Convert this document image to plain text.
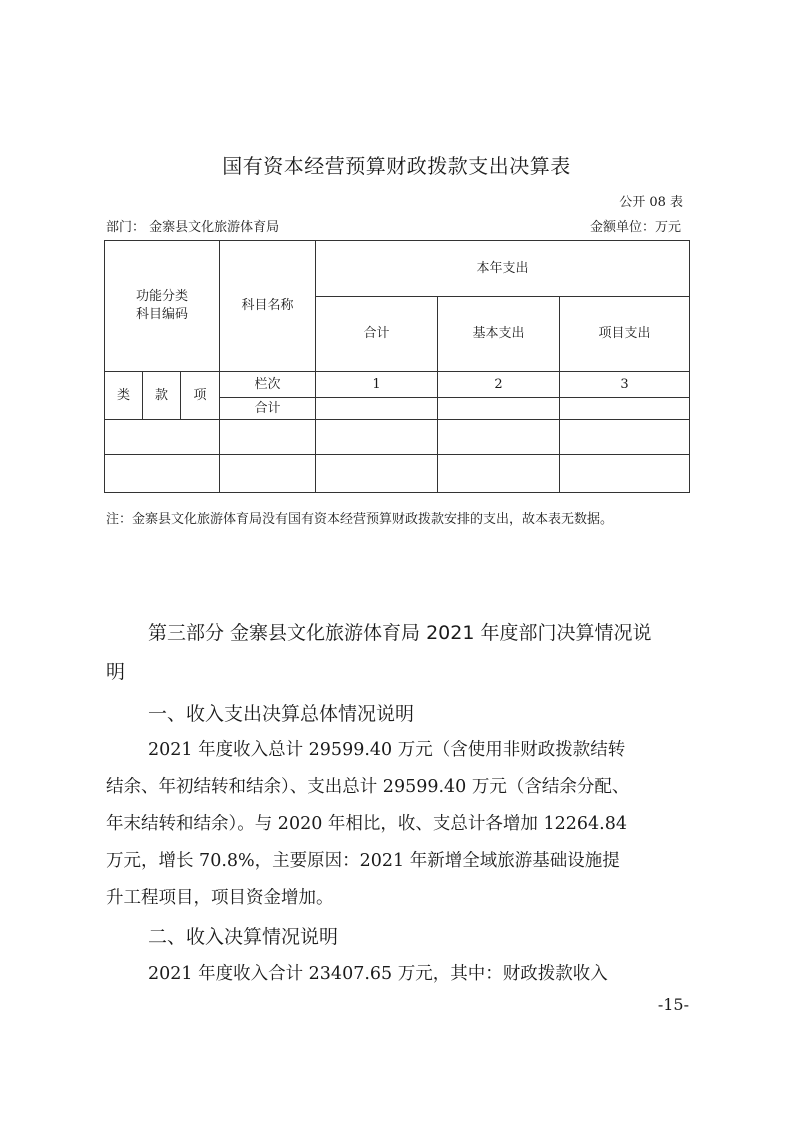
国有资本经营预算财政拨款支出决算表
公开 08 表
部门： 金寨县文化旅游体育局	金额单位：万元
功能分类
科目编码			科目名称	本年支出		
				合计	基本支出	项目支出
类	款	项	栏次	1	2	3
			合计			

注：金寨县文化旅游体育局没有国有资本经营预算财政拨款安排的支出，故本表无数据。
第三部分 金寨县文化旅游体育局 2021 年度部门决算情况说
明
一、收入支出决算总体情况说明
2021 年度收入总计 29599.40 万元（含使用非财政拨款结转
结余、年初结转和结余）、支出总计 29599.40 万元（含结余分配、
年末结转和结余）。与 2020 年相比，收、支总计各增加 12264.84
万元，增长 70.8%，主要原因：2021 年新增全域旅游基础设施提
升工程项目，项目资金增加。
二、收入决算情况说明
2021 年度收入合计 23407.65 万元，其中：财政拨款收入
-15-
